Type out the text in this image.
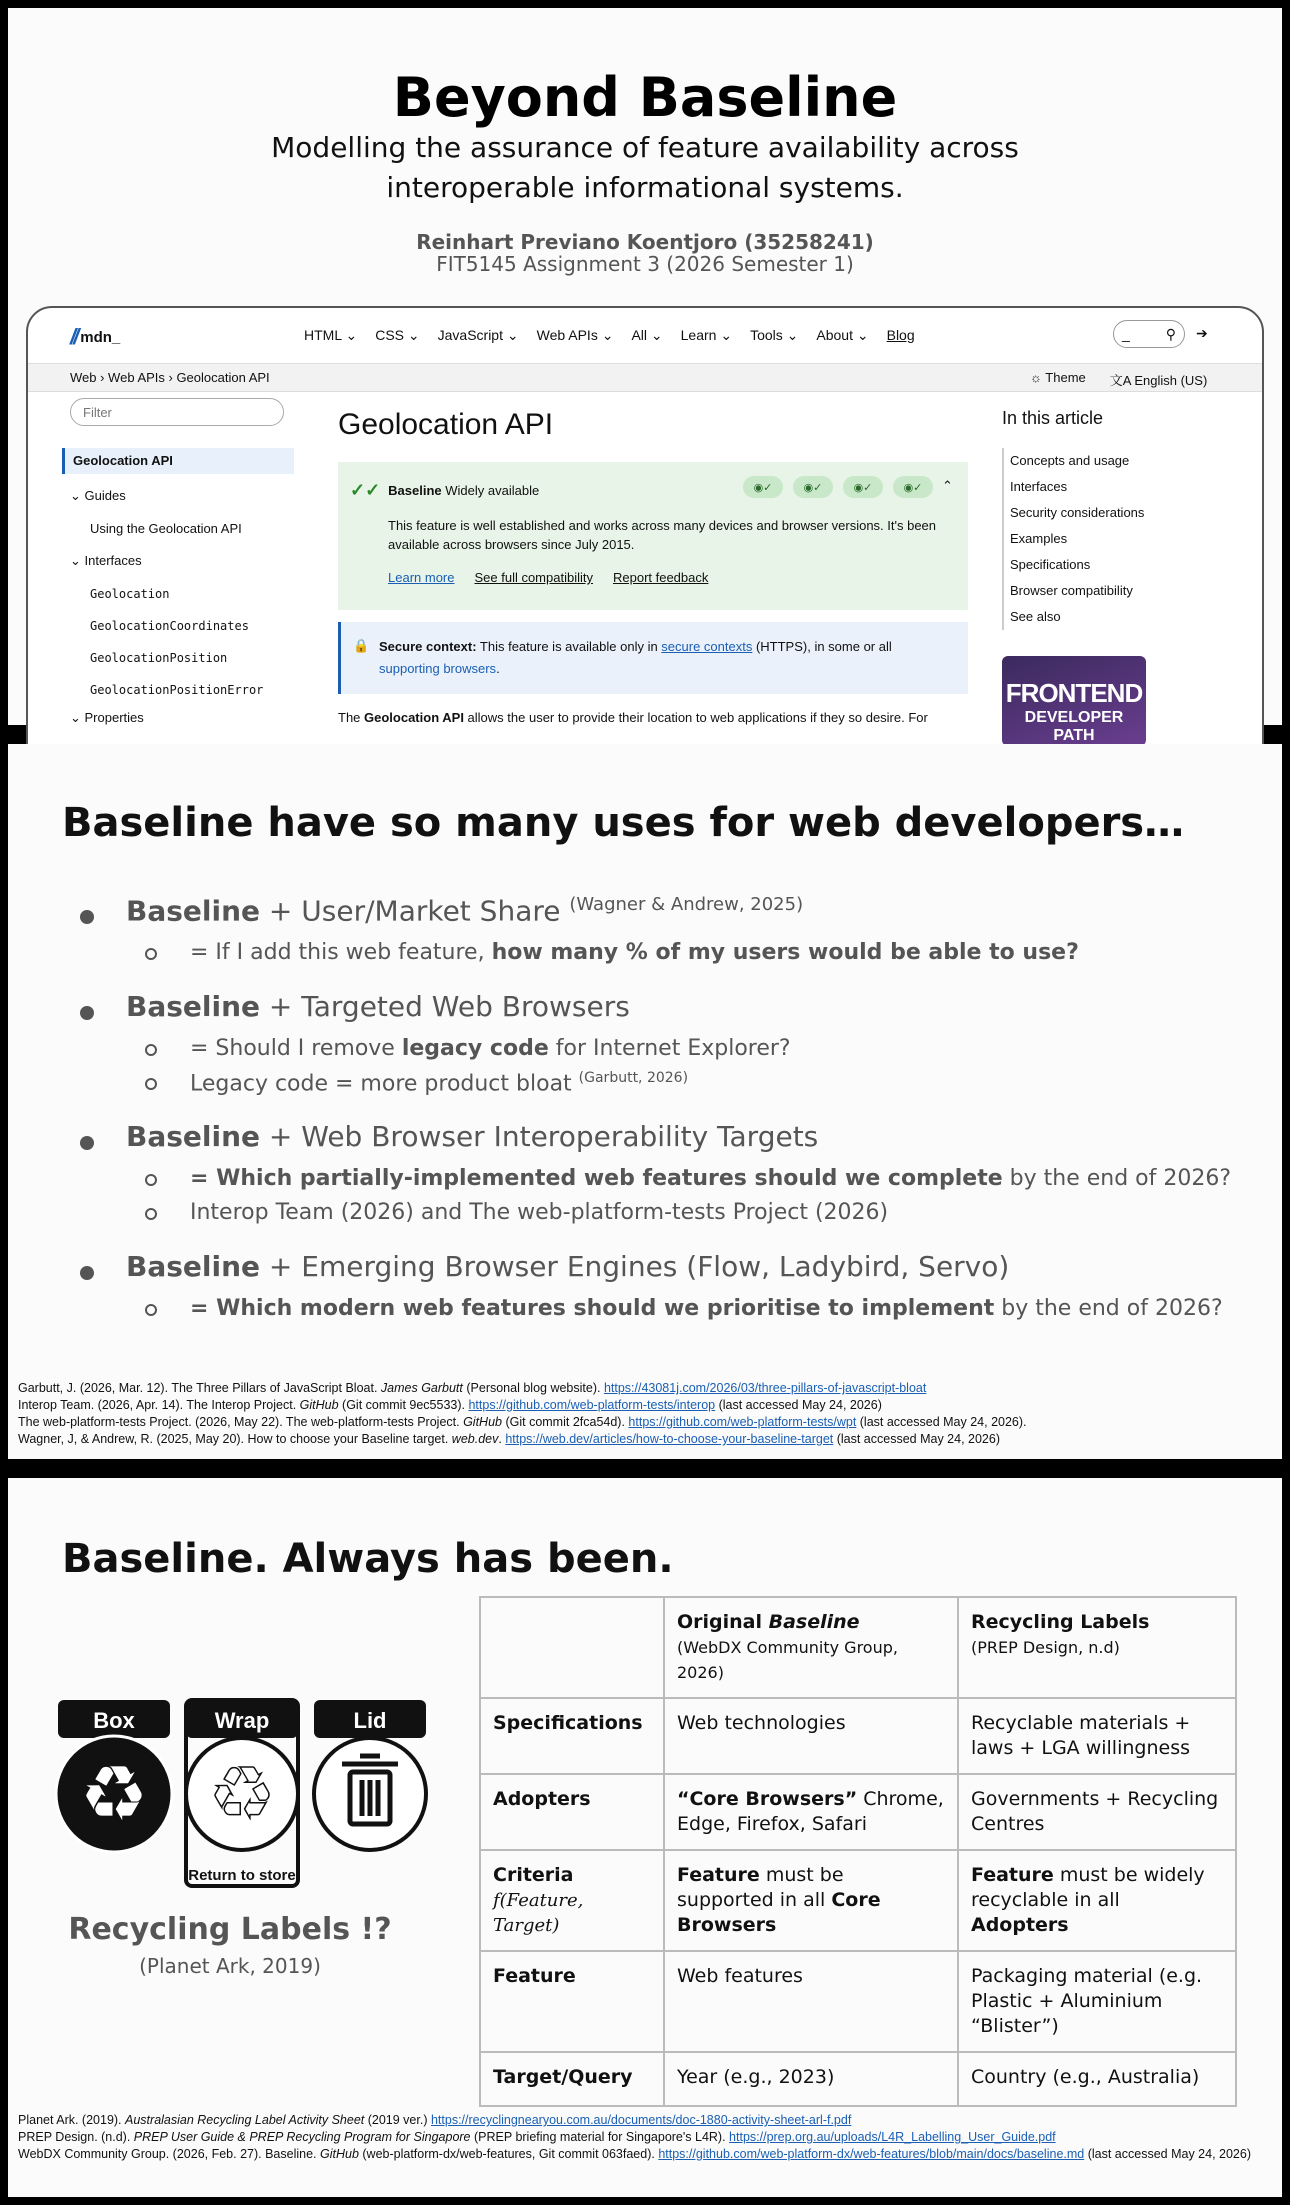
Beyond Baseline
Modelling the assurance of feature availability across interoperable informational systems.
Reinhart Previano Koentjoro (35258241)
FIT5145 Assignment 3 (2026 Semester 1)
// mdn_	HTML ⌄ CSS ⌄ JavaScript ⌄ Web APIs ⌄ All ⌄ Learn ⌄ Tools ⌄ About ⌄ Blog	_	⚲ ➔
Web › Web APIs › Geolocation API	☼ Theme 文A English (US)
Filter
Geolocation API
⌄ Guides
Using the Geolocation API
⌄ Interfaces
Geolocation
GeolocationCoordinates
GeolocationPosition
GeolocationPositionError
⌄ Properties
Geolocation API
✓✓ Baseline Widely available	◉✓	◉✓	◉✓	◉✓	⌃
This feature is well established and works across many devices and browser versions. It's been available across browsers since July 2015.
Learn more See full compatibility Report feedback
🔒 Secure context: This feature is available only in secure contexts (HTTPS), in some or all supporting browsers.
The Geolocation API allows the user to provide their location to web applications if they so desire. For
In this article
Concepts and usage
Interfaces
Security considerations
Examples
Specifications
Browser compatibility
See also
FRONTEND
DEVELOPER PATH
Baseline have so many uses for web developers…
Baseline + User/Market Share $^{(Wagner \& Andrew, 2025)}$
= If I add this web feature, how many % of my users would be able to use?
Baseline + Targeted Web Browsers
= Should I remove legacy code for Internet Explorer?
Legacy code = more product bloat $^{(Garbutt, 2026)}$
Baseline + Web Browser Interoperability Targets
= Which partially-implemented web features should we complete by the end of 2026?
Interop Team (2026) and The web-platform-tests Project (2026)
Baseline + Emerging Browser Engines (Flow, Ladybird, Servo)
= Which modern web features should we prioritise to implement by the end of 2026?
Garbutt, J. (2026, Mar. 12). The Three Pillars of JavaScript Bloat. James Garbutt (Personal blog website). https://43081j.com/2026/03/three-pillars-of-javascript-bloat
Interop Team. (2026, Apr. 14). The Interop Project. GitHub (Git commit 9ec5533). https://github.com/web-platform-tests/interop (last accessed May 24, 2026)
The web-platform-tests Project. (2026, May 22). The web-platform-tests Project. GitHub (Git commit 2fca54d). https://github.com/web-platform-tests/wpt (last accessed May 24, 2026).
Wagner, J, & Andrew, R. (2025, May 20). How to choose your Baseline target. web.dev. https://web.dev/articles/how-to-choose-your-baseline-target (last accessed May 24, 2026)
Baseline. Always has been.
Box
♻
Wrap
♲
Return to store
Lid
Recycling Labels !?
(Planet Ark, 2019)
	Original Baseline
(WebDX Community Group, 2026)	Recycling Labels
(PREP Design, n.d)
Specifications	Web technologies	Recyclable materials + laws + LGA willingness
Adopters	“Core Browsers” Chrome, Edge, Firefox, Safari	Governments + Recycling Centres
Criteria
f(Feature, Target)	Feature must be supported in all Core Browsers	Feature must be widely recyclable in all Adopters
Feature	Web features	Packaging material (e.g. Plastic + Aluminium “Blister”)
Target/Query	Year (e.g., 2023)	Country (e.g., Australia)
Planet Ark. (2019). Australasian Recycling Label Activity Sheet (2019 ver.) https://recyclingnearyou.com.au/documents/doc-1880-activity-sheet-arl-f.pdf
PREP Design. (n.d). PREP User Guide & PREP Recycling Program for Singapore (PREP briefing material for Singapore's L4R). https://prep.org.au/uploads/L4R_Labelling_User_Guide.pdf
WebDX Community Group. (2026, Feb. 27). Baseline. GitHub (web-platform-dx/web-features, Git commit 063faed). https://github.com/web-platform-dx/web-features/blob/main/docs/baseline.md (last accessed May 24, 2026)
